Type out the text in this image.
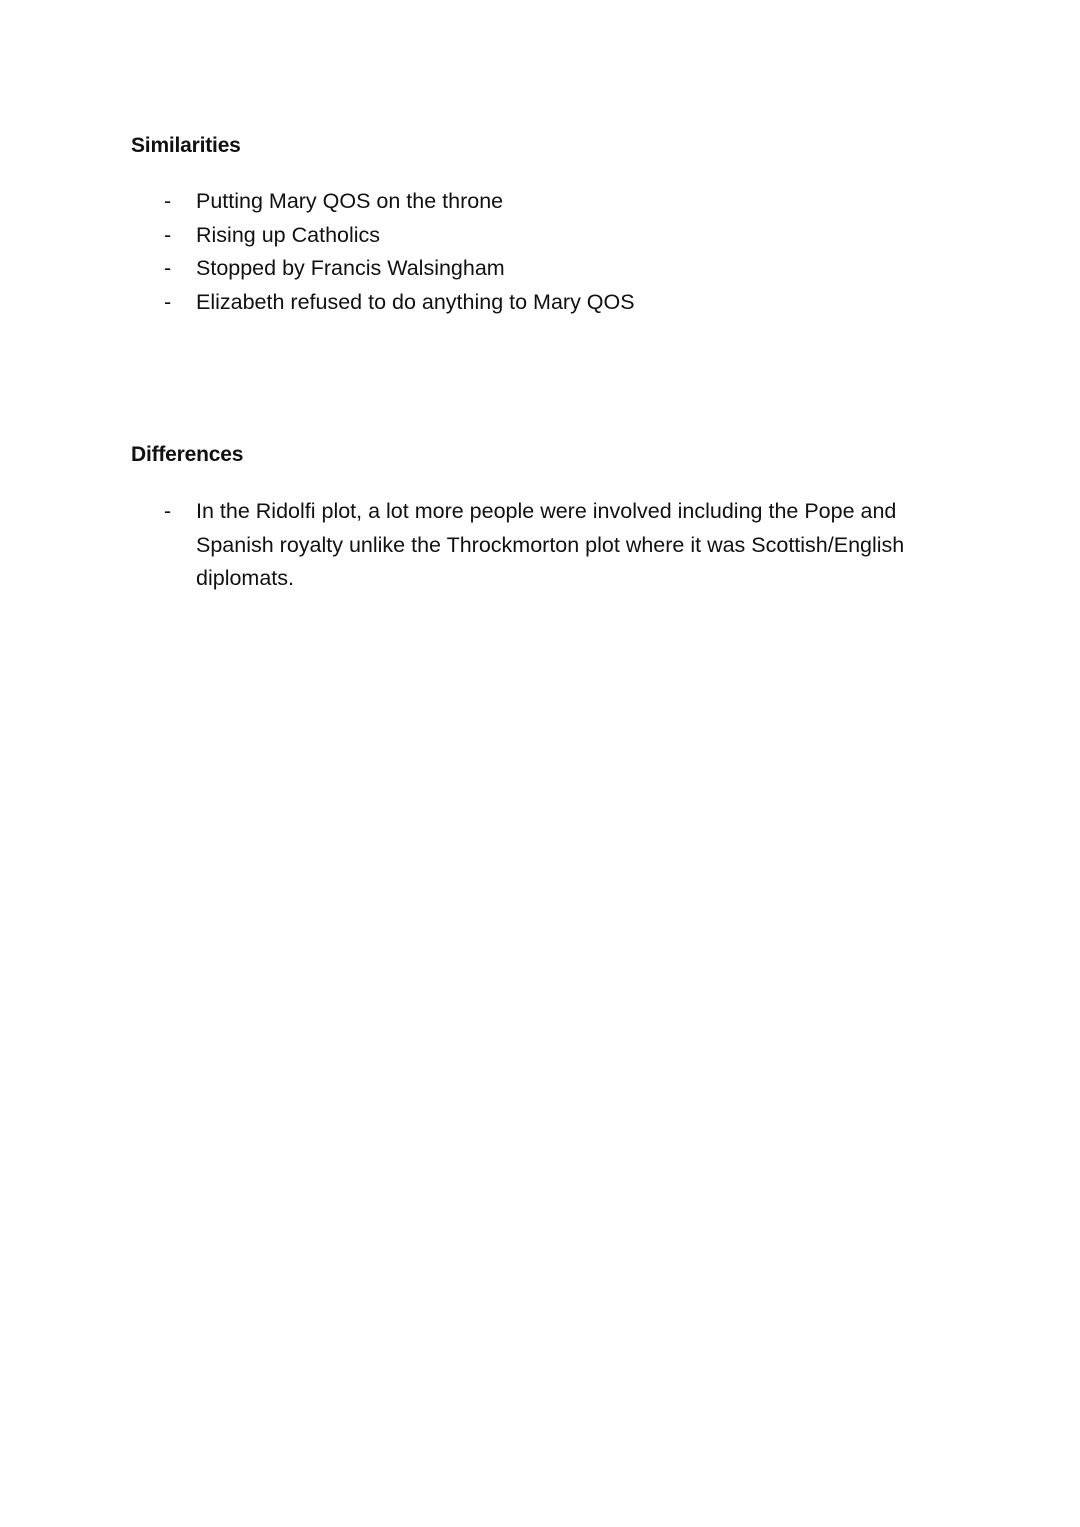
Similarities
- Putting Mary QOS on the throne
- Rising up Catholics
- Stopped by Francis Walsingham
- Elizabeth refused to do anything to Mary QOS
Differences
- In the Ridolfi plot, a lot more people were involved including the Pope and Spanish royalty unlike the Throckmorton plot where it was Scottish/English diplomats.
